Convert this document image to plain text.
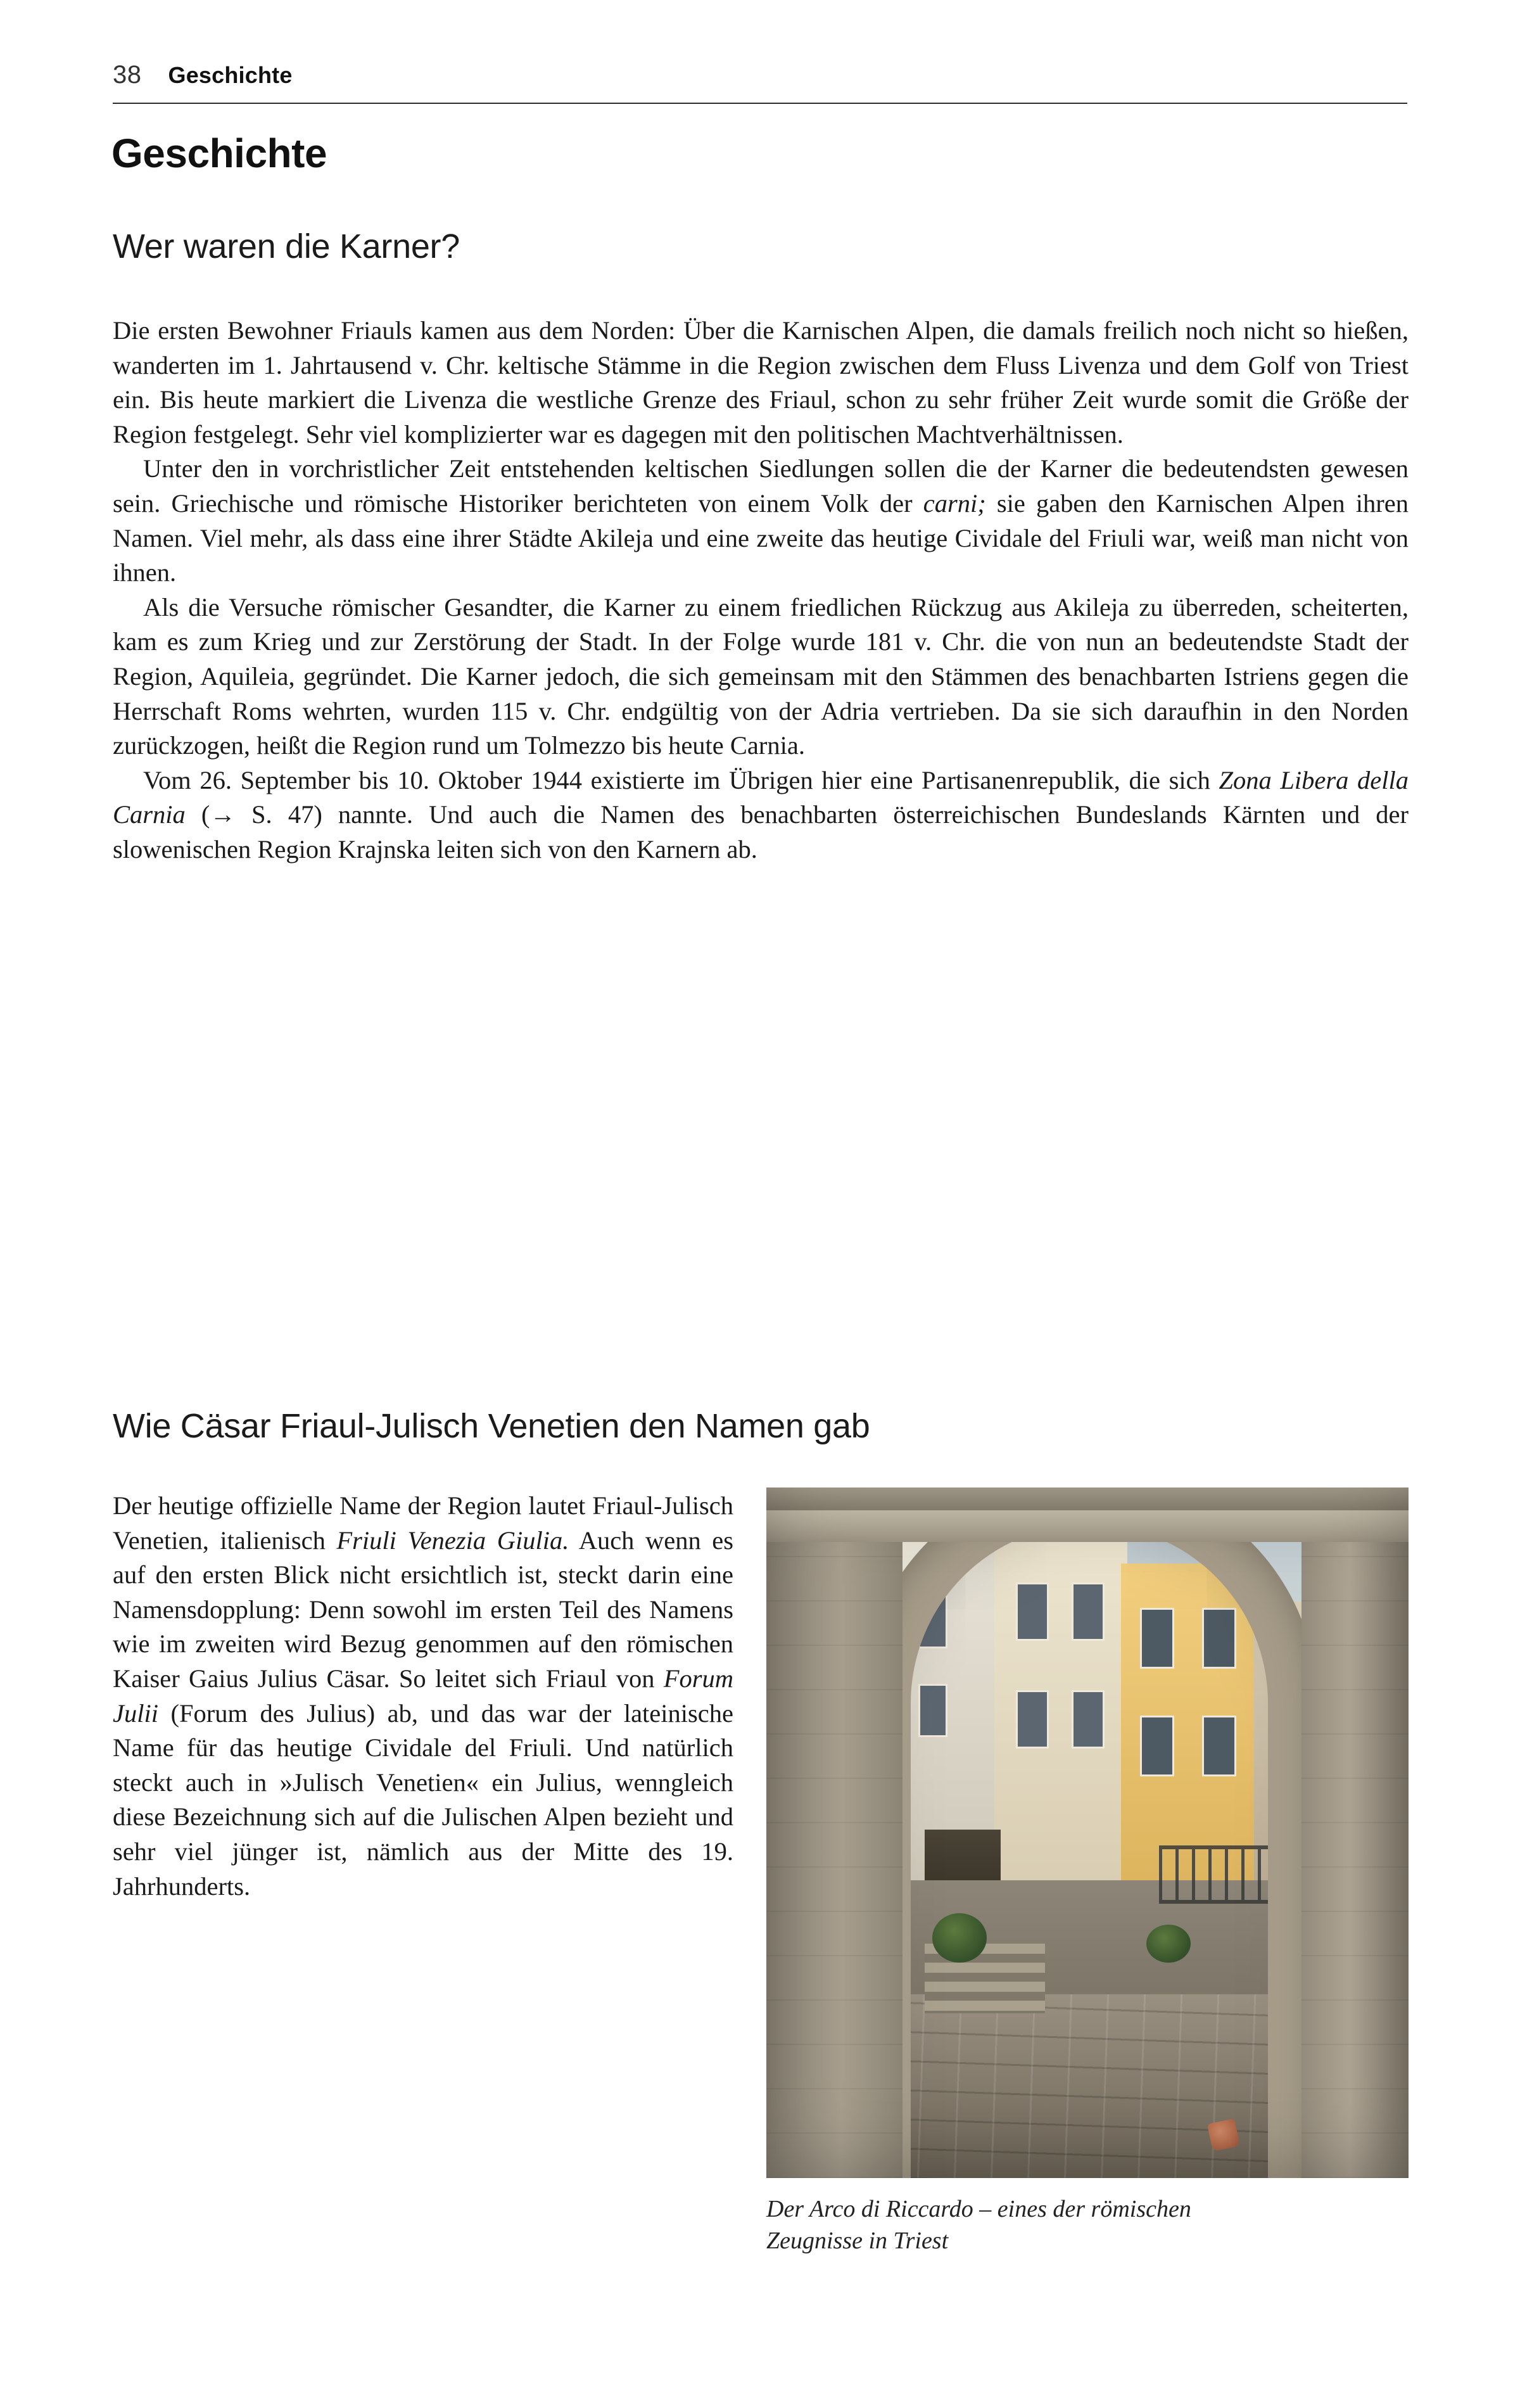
38 Geschichte
Geschichte
Wer waren die Karner?

Die ersten Bewohner Friauls kamen aus dem Norden: Über die Karnischen Alpen, die damals freilich noch nicht so hießen, wanderten im 1. Jahrtausend v. Chr. keltische Stämme in die Region zwischen dem Fluss Livenza und dem Golf von Triest ein. Bis heute markiert die Livenza die westliche Grenze des Friaul, schon zu sehr früher Zeit wurde somit die Größe der Region festgelegt. Sehr viel komplizierter war es dagegen mit den politischen Machtverhältnissen.

Unter den in vorchristlicher Zeit entstehenden keltischen Siedlungen sollen die der Karner die bedeutendsten gewesen sein. Griechische und römische Historiker berichteten von einem Volk der carni; sie gaben den Karnischen Alpen ihren Namen. Viel mehr, als dass eine ihrer Städte Akileja und eine zweite das heutige Cividale del Friuli war, weiß man nicht von ihnen.

Als die Versuche römischer Gesandter, die Karner zu einem friedlichen Rückzug aus Akileja zu überreden, scheiterten, kam es zum Krieg und zur Zerstörung der Stadt. In der Folge wurde 181 v. Chr. die von nun an bedeutendste Stadt der Region, Aquileia, gegründet. Die Karner jedoch, die sich gemeinsam mit den Stämmen des benachbarten Istriens gegen die Herrschaft Roms wehrten, wurden 115 v. Chr. endgültig von der Adria vertrieben. Da sie sich daraufhin in den Norden zurückzogen, heißt die Region rund um Tolmezzo bis heute Carnia.

Vom 26. September bis 10. Oktober 1944 existierte im Übrigen hier eine Partisanenrepublik, die sich Zona Libera della Carnia (→ S. 47) nannte. Und auch die Namen des benachbarten österreichischen Bundeslands Kärnten und der slowenischen Region Krajnska leiten sich von den Karnern ab.

Wie Cäsar Friaul-Julisch Venetien den Namen gab

Der heutige offizielle Name der Region lautet Friaul-Julisch Venetien, italienisch Friuli Venezia Giulia. Auch wenn es auf den ersten Blick nicht ersichtlich ist, steckt darin eine Namensdopplung: Denn sowohl im ersten Teil des Namens wie im zweiten wird Bezug genommen auf den römischen Kaiser Gaius Julius Cäsar. So leitet sich Friaul von Forum Julii (Forum des Julius) ab, und das war der lateinische Name für das heutige Cividale del Friuli. Und natürlich steckt auch in »Julisch Venetien« ein Julius, wenngleich diese Bezeichnung sich auf die Julischen Alpen bezieht und sehr viel jünger ist, nämlich aus der Mitte des 19. Jahrhunderts.

Der Arco di Riccardo – eines der römischen Zeugnisse in Triest
